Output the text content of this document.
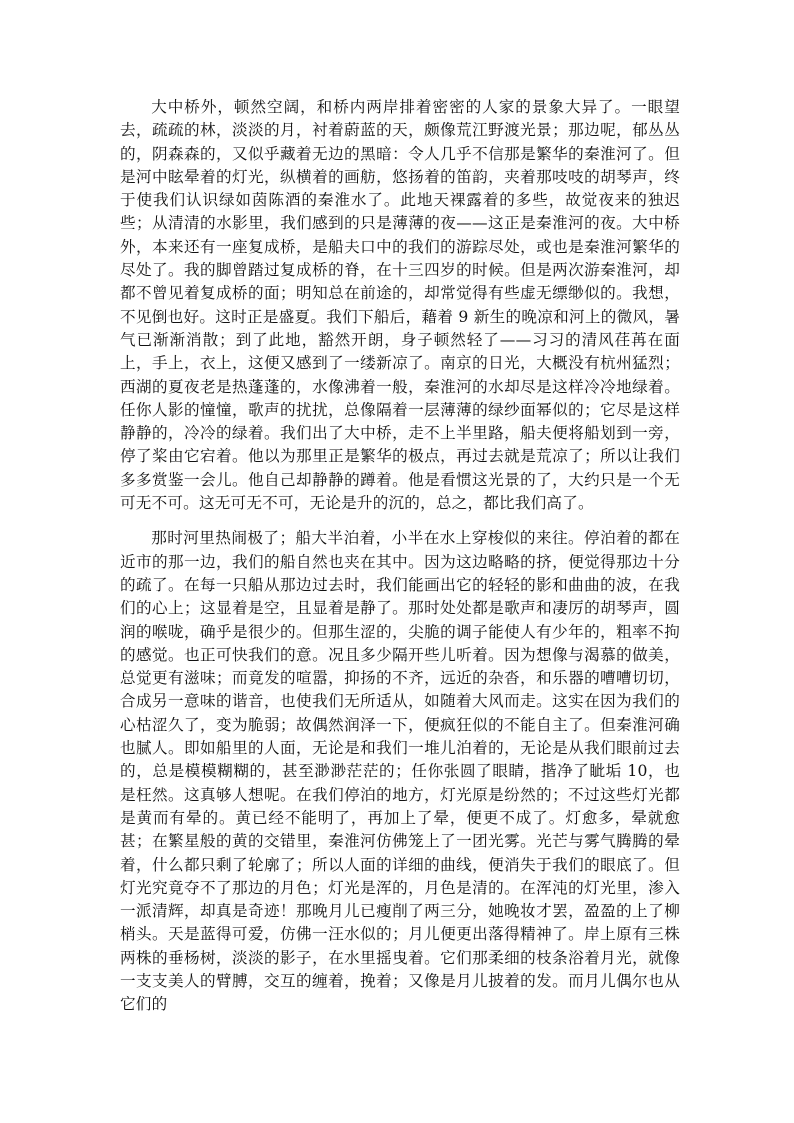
大中桥外，顿然空阔，和桥内两岸排着密密的人家的景象大异了。一眼望去，疏疏的林，淡淡的月，衬着蔚蓝的天，颇像荒江野渡光景；那边呢，郁丛丛的，阴森森的，又似乎藏着无边的黑暗：令人几乎不信那是繁华的秦淮河了。但是河中眩晕着的灯光，纵横着的画舫，悠扬着的笛韵，夹着那吱吱的胡琴声，终于使我们认识绿如茵陈酒的秦淮水了。此地天裸露着的多些，故觉夜来的独迟些；从清清的水影里，我们感到的只是薄薄的夜——这正是秦淮河的夜。大中桥外，本来还有一座复成桥，是船夫口中的我们的游踪尽处，或也是秦淮河繁华的尽处了。我的脚曾踏过复成桥的脊，在十三四岁的时候。但是两次游秦淮河，却都不曾见着复成桥的面；明知总在前途的，却常觉得有些虚无缥缈似的。我想，不见倒也好。这时正是盛夏。我们下船后，藉着 9 新生的晚凉和河上的微风，暑气已渐渐消散；到了此地，豁然开朗，身子顿然轻了——习习的清风荏苒在面上，手上，衣上，这便又感到了一缕新凉了。南京的日光，大概没有杭州猛烈；西湖的夏夜老是热蓬蓬的，水像沸着一般，秦淮河的水却尽是这样冷冷地绿着。任你人影的憧憧，歌声的扰扰，总像隔着一层薄薄的绿纱面幂似的；它尽是这样静静的，冷冷的绿着。我们出了大中桥，走不上半里路，船夫便将船划到一旁，停了桨由它宕着。他以为那里正是繁华的极点，再过去就是荒凉了；所以让我们多多赏鉴一会儿。他自己却静静的蹲着。他是看惯这光景的了，大约只是一个无可无不可。这无可无不可，无论是升的沉的，总之，都比我们高了。

那时河里热闹极了；船大半泊着，小半在水上穿梭似的来往。停泊着的都在近市的那一边，我们的船自然也夹在其中。因为这边略略的挤，便觉得那边十分的疏了。在每一只船从那边过去时，我们能画出它的轻轻的影和曲曲的波，在我们的心上；这显着是空，且显着是静了。那时处处都是歌声和凄厉的胡琴声，圆润的喉咙，确乎是很少的。但那生涩的，尖脆的调子能使人有少年的，粗率不拘的感觉。也正可快我们的意。况且多少隔开些儿听着。因为想像与渴慕的做美，总觉更有滋味；而竟发的喧嚣，抑扬的不齐，远近的杂沓，和乐器的嘈嘈切切，合成另一意味的谐音，也使我们无所适从，如随着大风而走。这实在因为我们的心枯涩久了，变为脆弱；故偶然润泽一下，便疯狂似的不能自主了。但秦淮河确也腻人。即如船里的人面，无论是和我们一堆儿泊着的，无论是从我们眼前过去的，总是模模糊糊的，甚至渺渺茫茫的；任你张圆了眼睛，揩净了眦垢 10，也是枉然。这真够人想呢。在我们停泊的地方，灯光原是纷然的；不过这些灯光都是黄而有晕的。黄已经不能明了，再加上了晕，便更不成了。灯愈多，晕就愈甚；在繁星般的黄的交错里，秦淮河仿佛笼上了一团光雾。光芒与雾气腾腾的晕着，什么都只剩了轮廓了；所以人面的详细的曲线，便消失于我们的眼底了。但灯光究竟夺不了那边的月色；灯光是浑的，月色是清的。在浑沌的灯光里，渗入一派清辉，却真是奇迹！那晚月儿已瘦削了两三分，她晚妆才罢，盈盈的上了柳梢头。天是蓝得可爱，仿佛一汪水似的；月儿便更出落得精神了。岸上原有三株两株的垂杨树，淡淡的影子，在水里摇曳着。它们那柔细的枝条浴着月光，就像一支支美人的臂膊，交互的缠着，挽着；又像是月儿披着的发。而月儿偶尔也从它们的
